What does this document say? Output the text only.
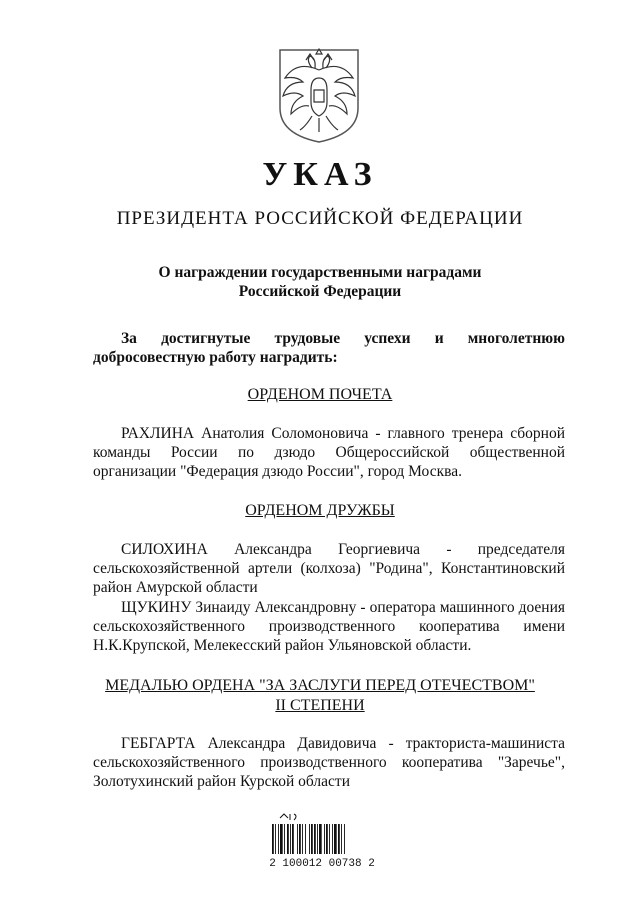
УКАЗ
ПРЕЗИДЕНТА РОССИЙСКОЙ ФЕДЕРАЦИИ
О награждении государственными наградами
Российской Федерации
За достигнутые трудовые успехи и многолетнюю
добросовестную работу наградить:
ОРДЕНОМ ПОЧЕТА
РАХЛИНА Анатолия Соломоновича - главного тренера сборной команды России по дзюдо Общероссийской общественной организации "Федерация дзюдо России", город Москва.
ОРДЕНОМ ДРУЖБЫ
СИЛОХИНА Александра Георгиевича - председателя сельскохозяйственной артели (колхоза) "Родина", Константиновский район Амурской области
ЩУКИНУ Зинаиду Александровну - оператора машинного доения сельскохозяйственного производственного кооператива имени Н.К.Крупской, Мелекесский район Ульяновской области.
МЕДАЛЬЮ ОРДЕНА "ЗА ЗАСЛУГИ ПЕРЕД ОТЕЧЕСТВОМ"
II СТЕПЕНИ
ГЕБГАРТА Александра Давидовича - тракториста-машиниста сельскохозяйственного производственного кооператива "Заречье", Золотухинский район Курской области
2 100012 00738 2
